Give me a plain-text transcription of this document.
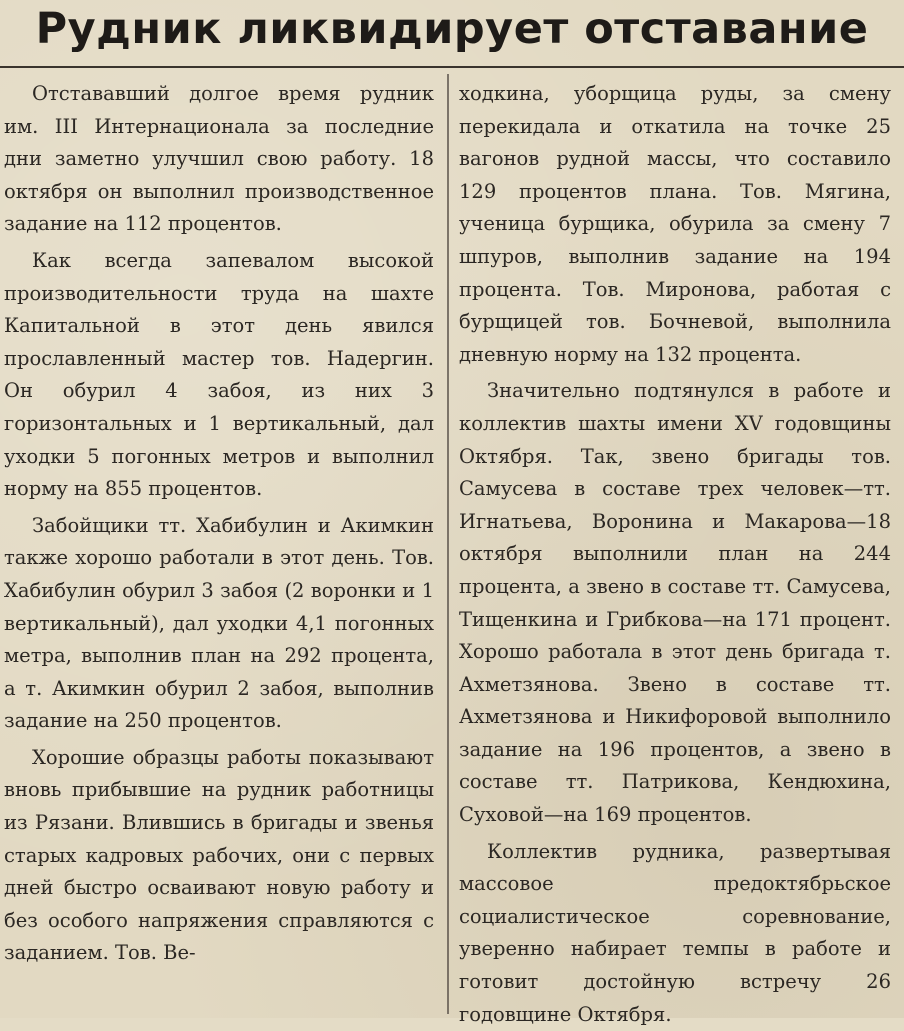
Рудник ликвидирует отставание

Отстававший долгое время рудник им. III Интернационала за последние дни заметно улучшил свою работу. 18 октября он выполнил производственное задание на 112 процентов.

Как всегда запевалом высокой производительности труда на шахте Капитальной в этот день явился прославленный мастер тов. Надергин. Он обурил 4 забоя, из них 3 горизонтальных и 1 вертикальный, дал уходки 5 погонных метров и выполнил норму на 855 процентов.

Забойщики тт. Хабибулин и Акимкин также хорошо работали в этот день. Тов. Хабибулин обурил 3 забоя (2 воронки и 1 вертикальный), дал уходки 4,1 погонных метра, выполнив план на 292 процента, а т. Акимкин обурил 2 забоя, выполнив задание на 250 процентов.

Хорошие образцы работы показывают вновь прибывшие на рудник работницы из Рязани. Влившись в бригады и звенья старых кадровых рабочих, они с первых дней быстро осваивают новую работу и без особого напряжения справляются с заданием. Тов. Ве-

ходкина, уборщица руды, за смену перекидала и откатила на точке 25 вагонов рудной массы, что составило 129 процентов плана. Тов. Мягина, ученица бурщика, обурила за смену 7 шпуров, выполнив задание на 194 процента. Тов. Миронова, работая с бурщицей тов. Бочневой, выполнила дневную норму на 132 процента.

Значительно подтянулся в работе и коллектив шахты имени XV годовщины Октября. Так, звено бригады тов. Самусева в составе трех человек—тт. Игнатьева, Воронина и Макарова—18 октября выполнили план на 244 процента, а звено в составе тт. Самусева, Тищенкина и Грибкова—на 171 процент. Хорошо работала в этот день бригада т. Ахметзянова. Звено в составе тт. Ахметзянова и Никифоровой выполнило задание на 196 процентов, а звено в составе тт. Патрикова, Кендюхина, Суховой—на 169 процентов.

Коллектив рудника, развертывая массовое предоктябрьское социалистическое соревнование, уверенно набирает темпы в работе и готовит достойную встречу 26 годовщине Октября.
